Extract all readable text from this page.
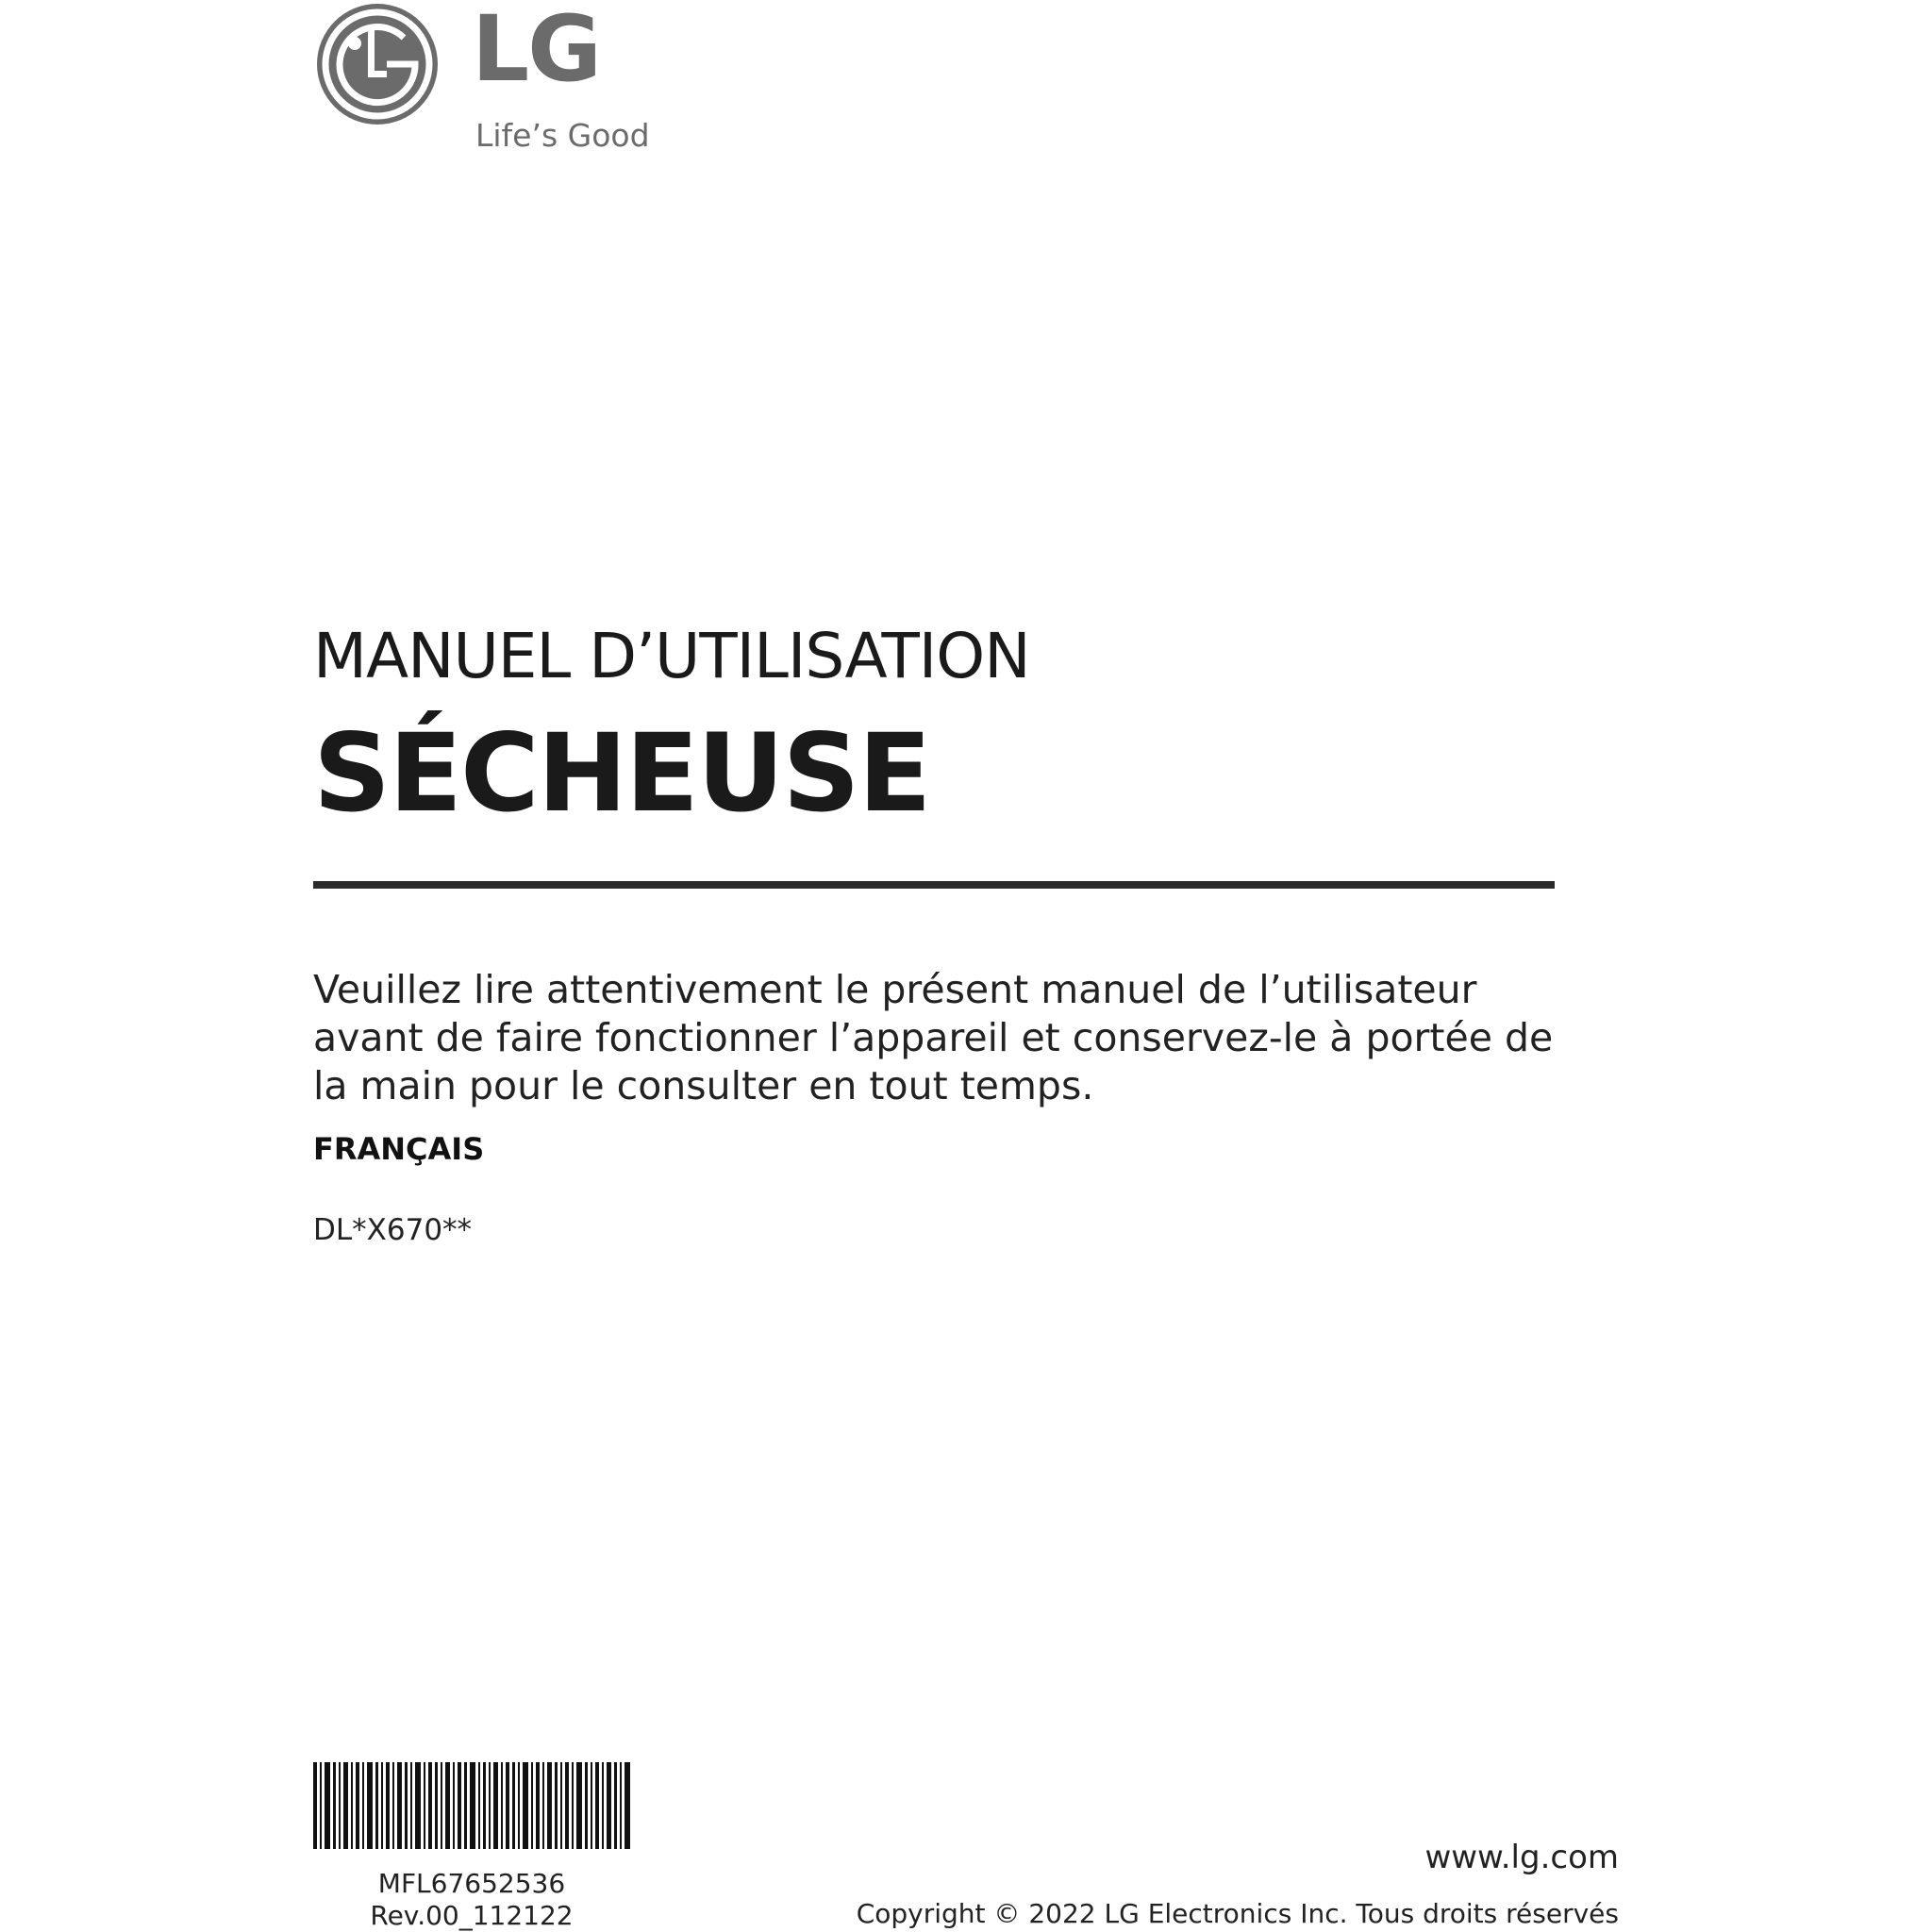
LG
Life’s Good
MANUEL D’UTILISATION
SÉCHEUSE
Veuillez lire attentivement le présent manuel de l’utilisateur
avant de faire fonctionner l’appareil et conservez-le à portée de
la main pour le consulter en tout temps.
FRANÇAIS
DL*X670**
MFL67652536
Rev.00_112122
www.lg.com
Copyright © 2022 LG Electronics Inc. Tous droits réservés
